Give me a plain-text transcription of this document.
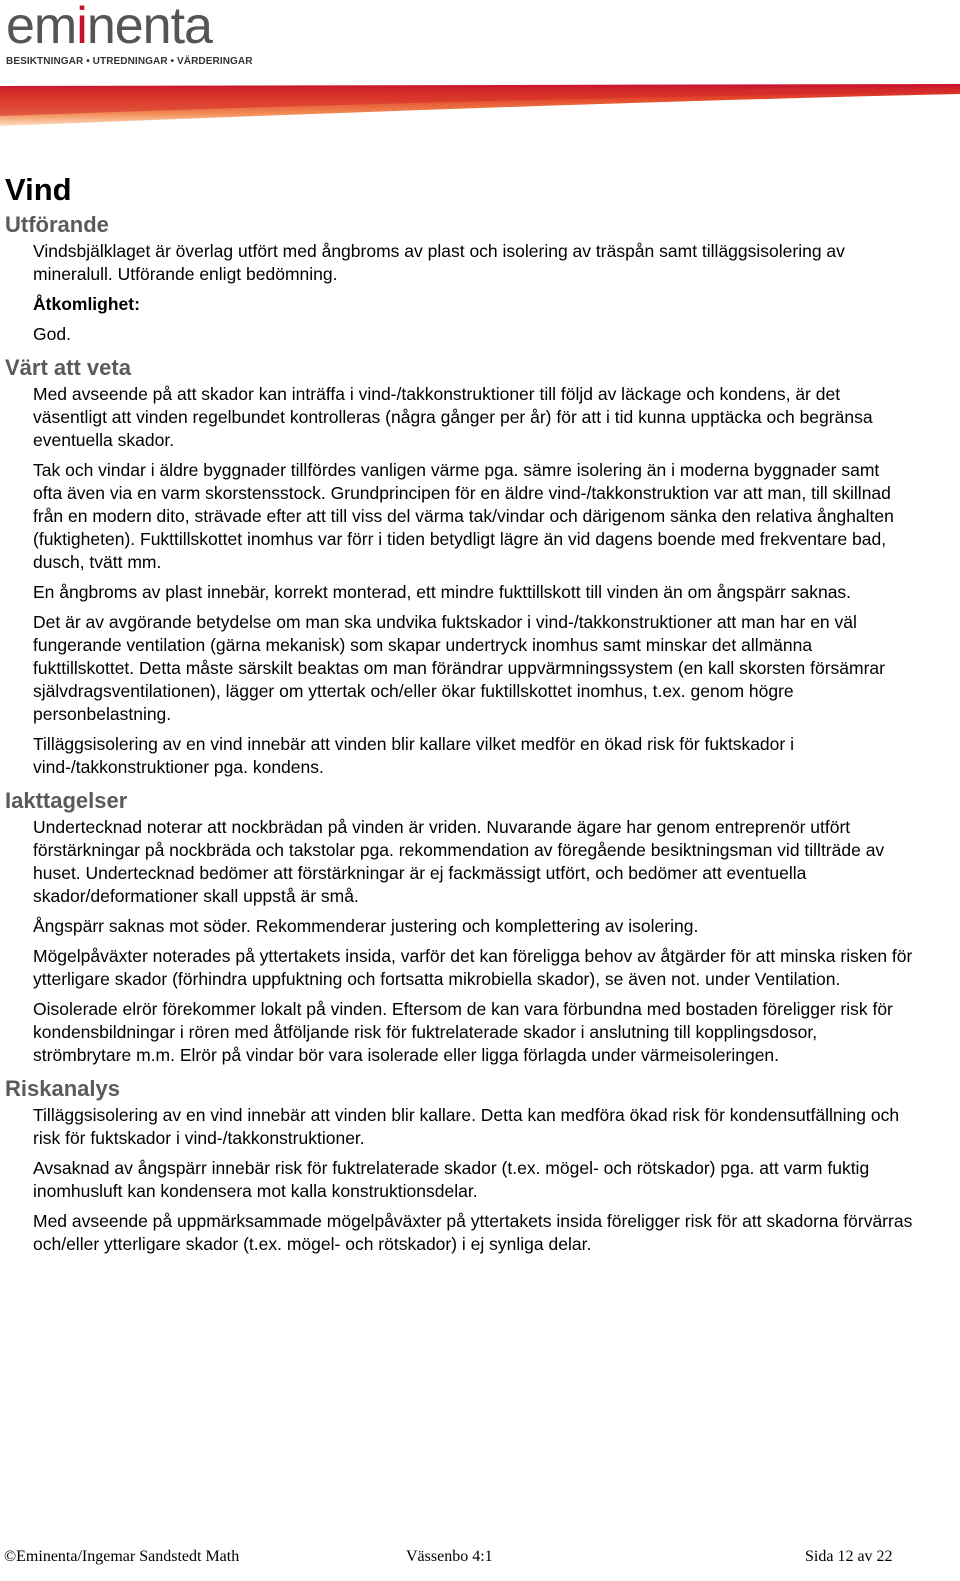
eminenta
BESIKTNINGAR • UTREDNINGAR • VÄRDERINGAR
Vind
Utförande

Vindsbjälklaget är överlag utfört med ångbroms av plast och isolering av träspån samt tilläggsisolering av mineralull. Utförande enligt bedömning.

Åtkomlighet:

God.

Värt att veta

Med avseende på att skador kan inträffa i vind-/takkonstruktioner till följd av läckage och kondens, är det väsentligt att vinden regelbundet kontrolleras (några gånger per år) för att i tid kunna upptäcka och begränsa eventuella skador.

Tak och vindar i äldre byggnader tillfördes vanligen värme pga. sämre isolering än i moderna byggnader samt ofta även via en varm skorstensstock. Grundprincipen för en äldre vind-/takkonstruktion var att man, till skillnad från en modern dito, strävade efter att till viss del värma tak/vindar och därigenom sänka den relativa ånghalten (fuktigheten). Fukttillskottet inomhus var förr i tiden betydligt lägre än vid dagens boende med frekventare bad, dusch, tvätt mm.

En ångbroms av plast innebär, korrekt monterad, ett mindre fukttillskott till vinden än om ångspärr saknas.

Det är av avgörande betydelse om man ska undvika fuktskador i vind-/takkonstruktioner att man har en väl fungerande ventilation (gärna mekanisk) som skapar undertryck inomhus samt minskar det allmänna fukttillskottet. Detta måste särskilt beaktas om man förändrar uppvärmningssystem (en kall skorsten försämrar självdragsventilationen), lägger om yttertak och/eller ökar fuktillskottet inomhus, t.ex. genom högre personbelastning.

Tilläggsisolering av en vind innebär att vinden blir kallare vilket medför en ökad risk för fuktskador i vind-/takkonstruktioner pga. kondens.

Iakttagelser

Undertecknad noterar att nockbrädan på vinden är vriden. Nuvarande ägare har genom entreprenör utfört förstärkningar på nockbräda och takstolar pga. rekommendation av föregående besiktningsman vid tillträde av huset. Undertecknad bedömer att förstärkningar är ej fackmässigt utfört, och bedömer att eventuella skador/deformationer skall uppstå är små.

Ångspärr saknas mot söder. Rekommenderar justering och komplettering av isolering.

Mögelpåväxter noterades på yttertakets insida, varför det kan föreligga behov av åtgärder för att minska risken för ytterligare skador (förhindra uppfuktning och fortsatta mikrobiella skador), se även not. under Ventilation.

Oisolerade elrör förekommer lokalt på vinden. Eftersom de kan vara förbundna med bostaden föreligger risk för kondensbildningar i rören med åtföljande risk för fuktrelaterade skador i anslutning till kopplingsdosor, strömbrytare m.m. Elrör på vindar bör vara isolerade eller ligga förlagda under värmeisoleringen.

Riskanalys

Tilläggsisolering av en vind innebär att vinden blir kallare. Detta kan medföra ökad risk för kondensutfällning och risk för fuktskador i vind-/takkonstruktioner.

Avsaknad av ångspärr innebär risk för fuktrelaterade skador (t.ex. mögel- och rötskador) pga. att varm fuktig inomhusluft kan kondensera mot kalla konstruktionsdelar.

Med avseende på uppmärksammade mögelpåväxter på yttertakets insida föreligger risk för att skadorna förvärras och/eller ytterligare skador (t.ex. mögel- och rötskador) i ej synliga delar.

©Eminenta/Ingemar Sandstedt Math	Vässenbo 4:1	Sida 12 av 22
